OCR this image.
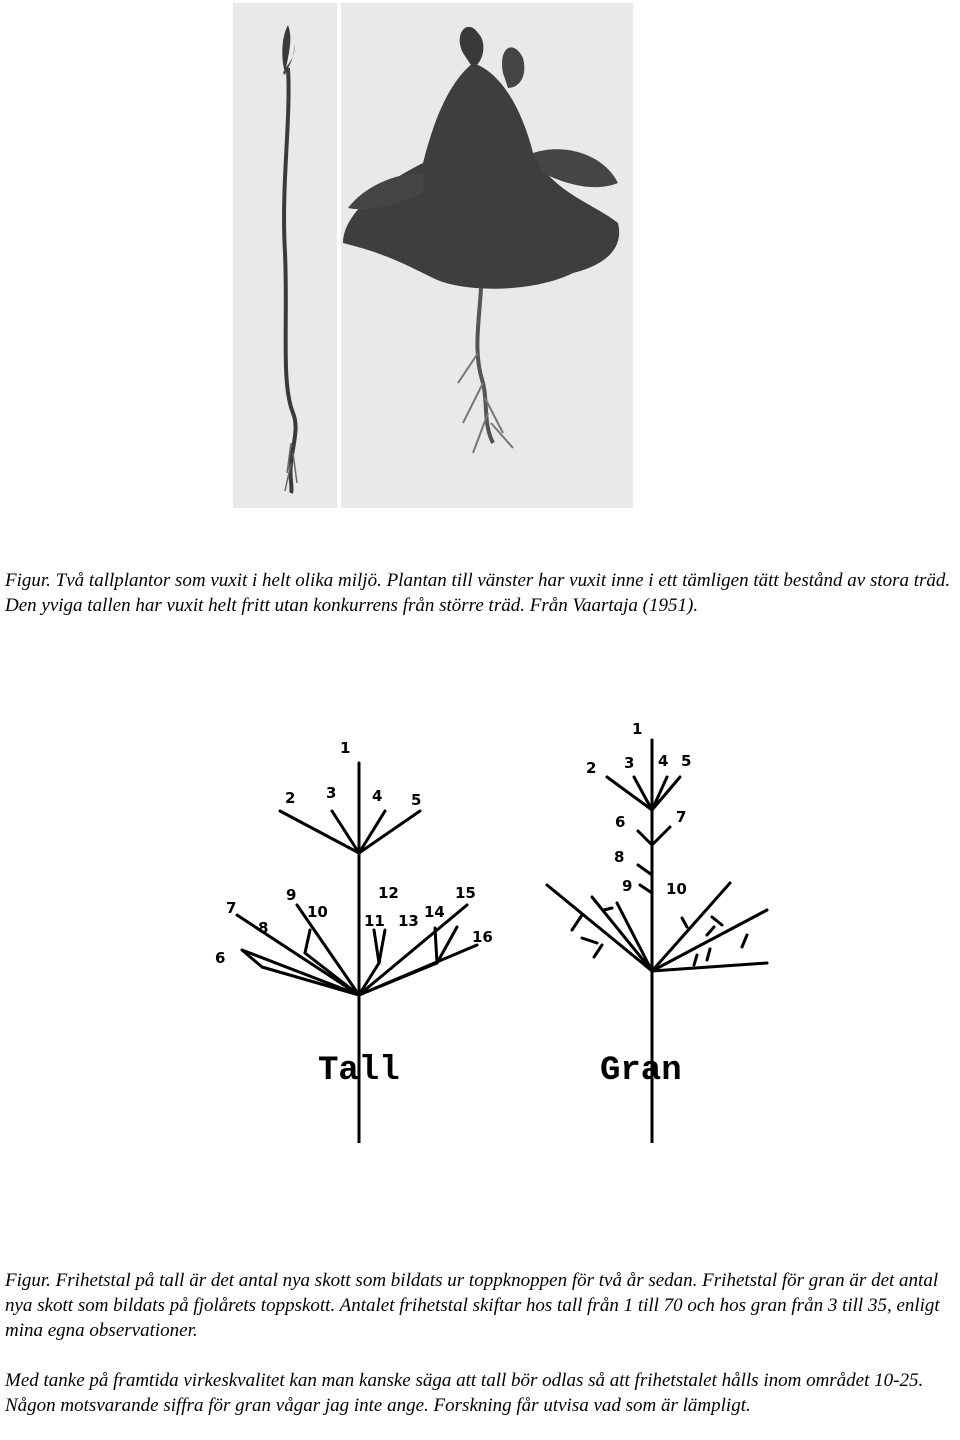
Figur. Två tallplantor som vuxit i helt olika miljö. Plantan till vänster har vuxit inne i ett tämligen tätt bestånd av stora träd. Den yviga tallen har vuxit helt fritt utan konkurrens från större träd. Från Vaartaja (1951).

1
2 3 4 5
6
7
8
9
10 11
12
13 14
15
16
1
2 3 4 5
6	7
8
9 10
Tall	Gran

Figur. Frihetstal på tall är det antal nya skott som bildats ur toppknoppen för två år sedan. Frihetstal för gran är det antal nya skott som bildats på fjolårets toppskott. Antalet frihetstal skiftar hos tall från 1 till 70 och hos gran från 3 till 35, enligt mina egna observationer.

Med tanke på framtida virkeskvalitet kan man kanske säga att tall bör odlas så att frihetstalet hålls inom området 10-25. Någon motsvarande siffra för gran vågar jag inte ange. Forskning får utvisa vad som är lämpligt.
